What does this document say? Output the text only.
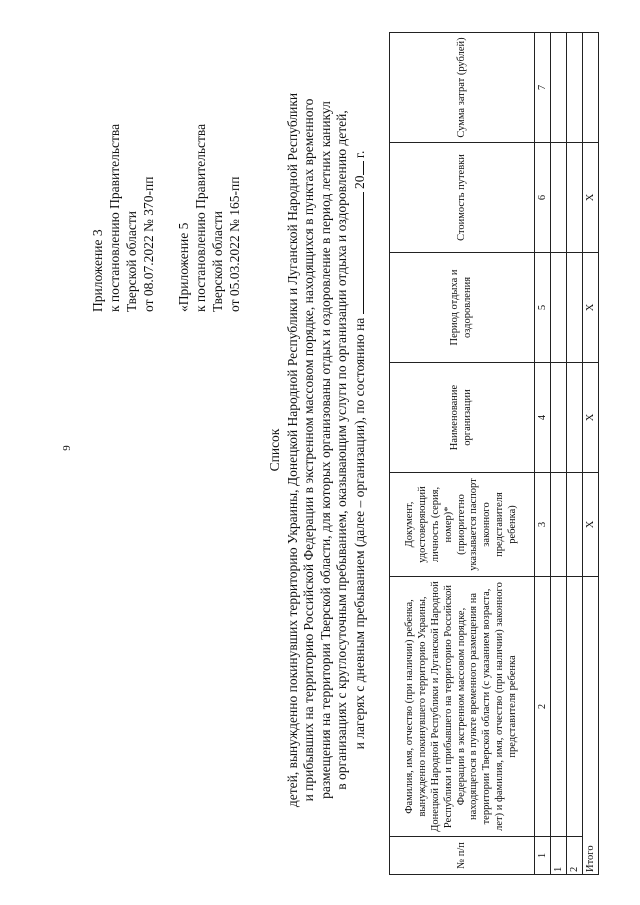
9
Приложение 3 к постановлению Правительства Тверской области от 08.07.2022 № 370-пп «Приложение 5 к постановлению Правительства Тверской области от 05.03.2022 № 165-пп
Список детей, вынужденно покинувших территорию Украины, Донецкой Народной Республики и Луганской Народной Республики и прибывших на территорию Российской Федерации в экстренном массовом порядке, находящихся в пунктах временного размещения на территории Тверской области, для которых организованы отдых и оздоровление в период летних каникул в организациях с круглосуточным пребыванием, оказывающим услуги по организации отдыха и оздоровлению детей, и лагерях с дневным пребыванием (далее – организации), по состоянию на  20 г.
№ п/п	Фамилия, имя, отчество (при наличии) ребенка, вынужденно покинувшего территорию Украины, Донецкой Народной Республики и Луганской Народной Республики и прибывшего на территорию Российской Федерации в экстренном массовом порядке, находящегося в пункте временного размещения на территории Тверской области (с указанием возраста, лет) и фамилия, имя, отчество (при наличии) законного представителя ребенка	Документ, удостоверяющий личность (серия, номер)* (приоритетно указывается паспорт законного представителя ребенка)	Наименование организации	Период отдыха и оздоровления	Стоимость путевки	Сумма затрат (рублей)
1	2	3	4	5	6	7
1						
2						
Итого		Х	Х	Х	Х	
